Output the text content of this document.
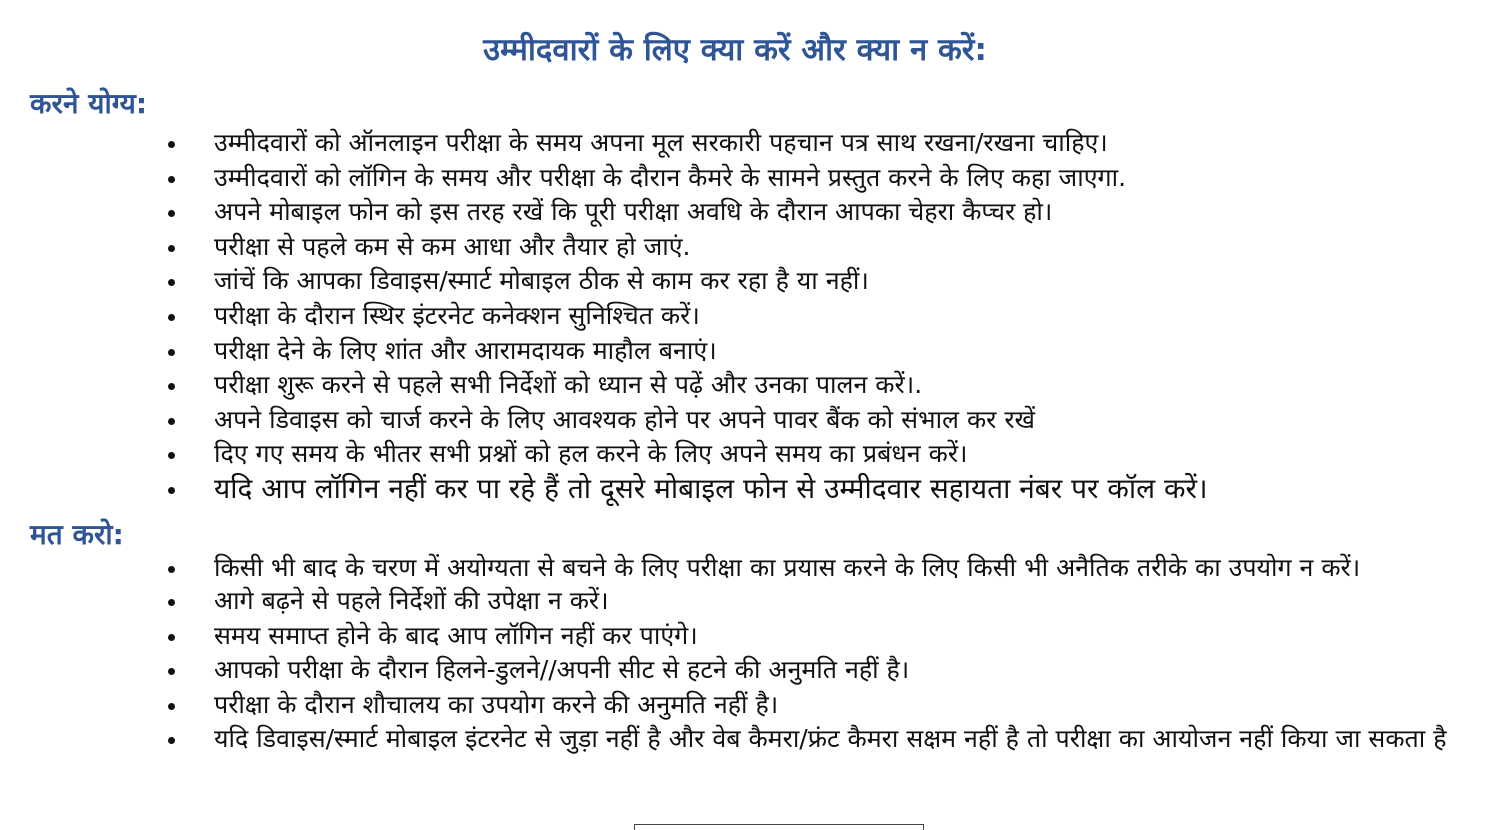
उम्मीदवारों के लिए क्या करें और क्या न करें:
करने योग्य:
उम्मीदवारों को ऑनलाइन परीक्षा के समय अपना मूल सरकारी पहचान पत्र साथ रखना/रखना चाहिए।
उम्मीदवारों को लॉगिन के समय और परीक्षा के दौरान कैमरे के सामने प्रस्तुत करने के लिए कहा जाएगा.
अपने मोबाइल फोन को इस तरह रखें कि पूरी परीक्षा अवधि के दौरान आपका चेहरा कैप्चर हो।
परीक्षा से पहले कम से कम आधा और तैयार हो जाएं.
जांचें कि आपका डिवाइस/स्मार्ट मोबाइल ठीक से काम कर रहा है या नहीं।
परीक्षा के दौरान स्थिर इंटरनेट कनेक्शन सुनिश्चित करें।
परीक्षा देने के लिए शांत और आरामदायक माहौल बनाएं।
परीक्षा शुरू करने से पहले सभी निर्देशों को ध्यान से पढ़ें और उनका पालन करें।.
अपने डिवाइस को चार्ज करने के लिए आवश्यक होने पर अपने पावर बैंक को संभाल कर रखें
दिए गए समय के भीतर सभी प्रश्नों को हल करने के लिए अपने समय का प्रबंधन करें।
यदि आप लॉगिन नहीं कर पा रहे हैं तो दूसरे मोबाइल फोन से उम्मीदवार सहायता नंबर पर कॉल करें।
मत करो:
किसी भी बाद के चरण में अयोग्यता से बचने के लिए परीक्षा का प्रयास करने के लिए किसी भी अनैतिक तरीके का उपयोग न करें।
आगे बढ़ने से पहले निर्देशों की उपेक्षा न करें।
समय समाप्त होने के बाद आप लॉगिन नहीं कर पाएंगे।
आपको परीक्षा के दौरान हिलने-डुलने//अपनी सीट से हटने की अनुमति नहीं है।
परीक्षा के दौरान शौचालय का उपयोग करने की अनुमति नहीं है।
यदि डिवाइस/स्मार्ट मोबाइल इंटरनेट से जुड़ा नहीं है और वेब कैमरा/फ्रंट कैमरा सक्षम नहीं है तो परीक्षा का आयोजन नहीं किया जा सकता है
